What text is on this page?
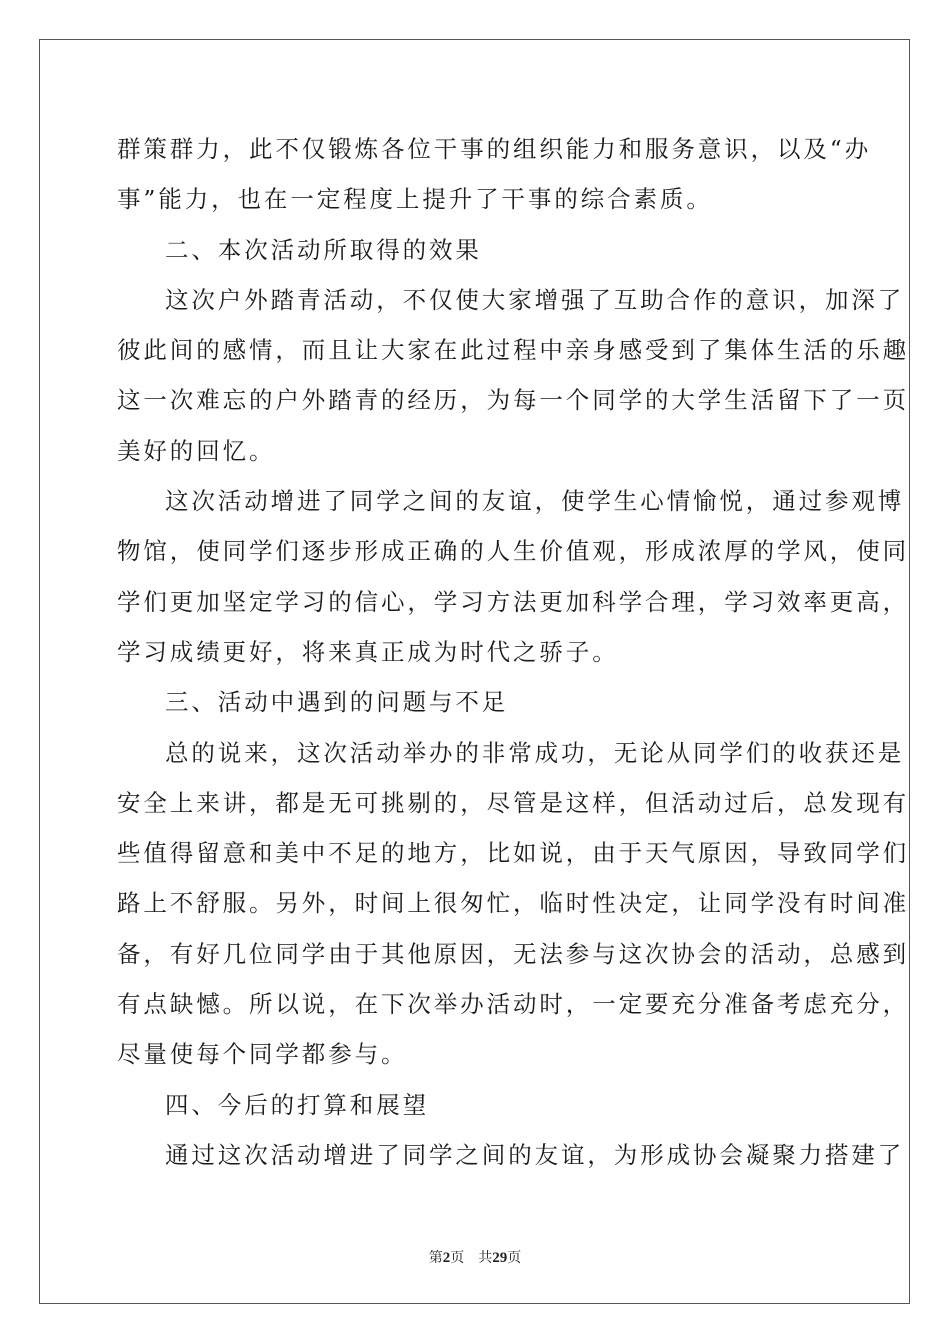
群策群力，此不仅锻炼各位干事的组织能力和服务意识，以及“办
事”能力，也在一定程度上提升了干事的综合素质。
二、本次活动所取得的效果
这次户外踏青活动，不仅使大家增强了互助合作的意识，加深了
彼此间的感情，而且让大家在此过程中亲身感受到了集体生活的乐趣
这一次难忘的户外踏青的经历，为每一个同学的大学生活留下了一页
美好的回忆。
这次活动增进了同学之间的友谊，使学生心情愉悦，通过参观博
物馆，使同学们逐步形成正确的人生价值观，形成浓厚的学风，使同
学们更加坚定学习的信心，学习方法更加科学合理，学习效率更高，
学习成绩更好，将来真正成为时代之骄子。
三、活动中遇到的问题与不足
总的说来，这次活动举办的非常成功，无论从同学们的收获还是
安全上来讲，都是无可挑剔的，尽管是这样，但活动过后，总发现有
些值得留意和美中不足的地方，比如说，由于天气原因，导致同学们
路上不舒服。另外，时间上很匆忙，临时性决定，让同学没有时间准
备，有好几位同学由于其他原因，无法参与这次协会的活动，总感到
有点缺憾。所以说，在下次举办活动时，一定要充分准备考虑充分，
尽量使每个同学都参与。
四、今后的打算和展望
通过这次活动增进了同学之间的友谊，为形成协会凝聚力搭建了
第2页 共29页
